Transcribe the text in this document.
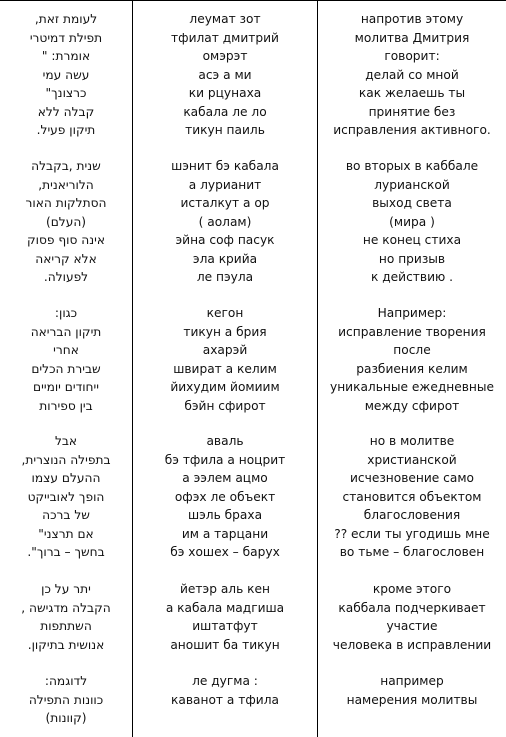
לעומת זאת,
תפילת דמיטרי
אומרת: "
עשה עמי
כרצונך"
קבלה ללא
תיקון פעיל.
שנית ,בקבלה
הלוריאנית,
הסתלקות האור
(העלם)
אינה סוף פסוק
אלא קריאה
לפעולה.
כגון:
תיקון הבריאה
אחרי
שבירת הכלים
ייחודים יומיים
בין ספירות
אבל
בתפילה הנוצרית,
ההעלם עצמו
הופך לאובייקט
של ברכה
אם תרצני"
בחשך – ברוך".
יתר על כן
הקבלה מדגישה ,
השתתפות
אנושית בתיקון.
לדוגמה:
כוונות התפילה
(קוונות)
леумат зот
тфилат дмитрий
омэрэт
асэ а ми
ки рцунаха
кабала ле ло
тикун паиль
шэнит бэ кабала
а лурианит
исталкут а ор
( аолам)
эйна соф пасук
эла крийа
ле пэула
кегон
тикун а брия
ахарэй
швират а келим
йихудим йомиим
бэйн сфирот
аваль
бэ тфила а ноцрит
а ээлем ацмо
офэх ле объект
шэль браха
им а тарцани
бэ хошех – барух
йетэр аль кен
а кабала мадгиша
иштатфут
аношит ба тикун
ле дугма :
каванот а тфила
напротив этому
молитва Дмитрия
говорит:
делай со мной
как желаешь ты
принятие без
исправления активного.
во вторых в каббале
лурианской
выход света
(мира )
не конец стиха
но призыв
к действию .
Например:
исправление творения
после
разбиения келим
уникальные ежедневные
между сфирот
но в молитве
христианской
исчезновение само
становится объектом
благословения
?? если ты угодишь мне
во тьме – благословен
кроме этого
каббала подчеркивает
участие
человека в исправлении
например
намерения молитвы
